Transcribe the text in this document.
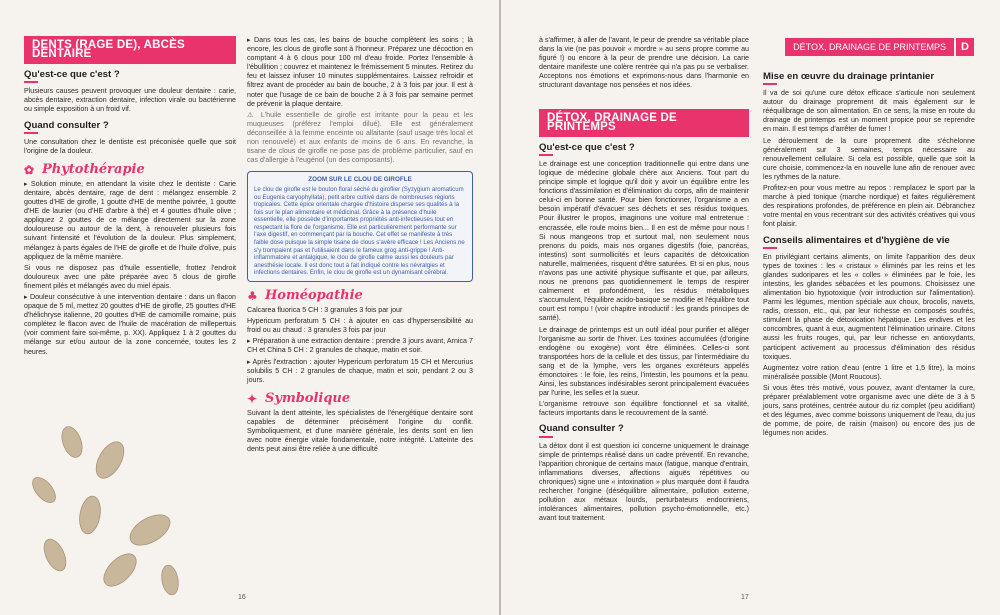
DENTS (RAGE DE), ABCÈS DENTAIRE
Qu'est-ce que c'est ?

Plusieurs causes peuvent provoquer une douleur dentaire : carie, abcès dentaire, extraction dentaire, infection virale ou bactérienne ou simple exposition à un froid vif.

Quand consulter ?

Une consultation chez le dentiste est préconisée quelle que soit l'origine de la douleur.

✿ Phytothérapie

▸ Solution minute, en attendant la visite chez le dentiste : Carie dentaire, abcès dentaire, rage de dent : mélangez ensemble 2 gouttes d'HE de girofle, 1 goutte d'HE de menthe poivrée, 1 goutte d'HE de laurier (ou d'HE d'arbre à thé) et 4 gouttes d'huile olive ; appliquez 2 gouttes de ce mélange directement sur la zone douloureuse ou autour de la dent, à renouveler plusieurs fois suivant l'intensité et l'évolution de la douleur. Plus simplement, mélangez à parts égales de l'HE de girofle et de l'huile d'olive, puis appliquez de la même manière.

Si vous ne disposez pas d'huile essentielle, frottez l'endroit douloureux avec une pâte préparée avec 5 clous de girofle finement pilés et mélangés avec du miel épais.

▸ Douleur consécutive à une intervention dentaire : dans un flacon opaque de 5 ml, mettez 20 gouttes d'HE de girofle, 25 gouttes d'HE d'hélichryse italienne, 20 gouttes d'HE de camomille romaine, puis complétez le flacon avec de l'huile de macération de millepertuis (voir comment faire soi-même, p. XX). Appliquez 1 à 2 gouttes du mélange sur et/ou autour de la zone concernée, toutes les 2 heures.

▸ Dans tous les cas, les bains de bouche complètent les soins ; là encore, les clous de girofle sont à l'honneur. Préparez une décoction en comptant 4 à 6 clous pour 100 ml d'eau froide. Portez l'ensemble à l'ébullition ; couvrez et maintenez le frémissement 5 minutes. Retirez du feu et laissez infuser 10 minutes supplémentaires. Laissez refroidir et filtrez avant de procéder au bain de bouche, 2 à 3 fois par jour. Il est à noter que l'usage de ce bain de bouche 2 à 3 fois par semaine permet de prévenir la plaque dentaire.

⚠ L'huile essentielle de girofle est irritante pour la peau et les muqueuses (préférez l'emploi dilué). Elle est généralement déconseillée à la femme enceinte ou allaitante (sauf usage très local et non renouvelé) et aux enfants de moins de 6 ans. En revanche, la tisane de clous de girofle ne pose pas de problème particulier, sauf en cas d'allergie à l'eugénol (un des composants).

ZOOM SUR LE CLOU DE GIROFLE
Le clou de girofle est le bouton floral séché du giroflier (Syzygium aromaticum ou Eugenia caryophyllata), petit arbre cultivé dans de nombreuses régions tropicales. Cette épice orientale chargée d'histoire disperse ses qualités à la fois sur le plan alimentaire et médicinal. Grâce à la présence d'huile essentielle, elle possède d'importantes propriétés anti-infectieuses tout en respectant la flore de l'organisme. Elle est particulièrement performante sur l'axe digestif, en commençant par la bouche. Cet effet se manifeste à très faible dose puisque la simple tisane de clous s'avère efficace ! Les Anciens ne s'y trompaient pas et l'utilisaient dans le fameux grog anti-grippe ! Anti-inflammatoire et antalgique, le clou de girofle calme aussi les douleurs par anesthésie locale. Il est donc tout à fait indiqué contre les névralgies et infections dentaires. Enfin, le clou de girofle est un dynamisant cérébral.
♣ Homéopathie

Calcarea fluorica 5 CH : 3 granules 3 fois par jour

Hypericum perforatum 5 CH : à ajouter en cas d'hypersensibilité au froid ou au chaud : 3 granules 3 fois par jour

▸ Préparation à une extraction dentaire : prendre 3 jours avant, Arnica 7 CH et China 5 CH : 2 granules de chaque, matin et soir.

▸ Après l'extraction : ajouter Hypericum perforatum 15 CH et Mercurius solubilis 5 CH : 2 granules de chaque, matin et soir, pendant 2 ou 3 jours.

✦ Symbolique

Suivant la dent atteinte, les spécialistes de l'énergétique dentaire sont capables de déterminer précisément l'origine du conflit. Symboliquement, et d'une manière générale, les dents sont en lien avec notre énergie vitale fondamentale, notre intégrité. L'atteinte des dents peut ainsi être reliée à une difficulté

16
DÉTOX, DRAINAGE DE PRINTEMPS	D

à s'affirmer, à aller de l'avant, le peur de prendre sa véritable place dans la vie (ne pas pouvoir « mordre » au sens propre comme au figuré !) ou encore à la peur de prendre une décision. La carie dentaire manifeste une colère rentrée qui n'a pas pu se verbaliser. Acceptons nos émotions et exprimons-nous dans l'harmonie en structurant davantage nos pensées et nos idées.

DÉTOX, DRAINAGE DE PRINTEMPS
Qu'est-ce que c'est ?

Le drainage est une conception traditionnelle qui entre dans une logique de médecine globale chère aux Anciens. Tout part du principe simple et logique qu'il doit y avoir un équilibre entre les fonctions d'assimilation et d'élimination du corps, afin de maintenir celui-ci en bonne santé. Pour bien fonctionner, l'organisme a en besoin impératif d'évacuer ses déchets et ses résidus toxiques. Pour illustrer le propos, imaginons une voiture mal entretenue : encrassée, elle roule moins bien... Il en est de même pour nous ! Si nous mangeons trop et surtout mal, non seulement nous prenons du poids, mais nos organes digestifs (foie, pancréas, intestins) sont surmollicités et leurs capacités de détoxication naturelle, malmenées, risquent d'être saturées. Et si en plus, nous n'avons pas une activité physique suffisante et que, par ailleurs, nous ne prenons pas quotidiennement le temps de respirer calmement et profondément, les résidus métaboliques s'accumulent, l'équilibre acido-basique se modifie et l'équilibre tout court est rompu ! (voir chapitre introductif : les grands principes de santé).

Le drainage de printemps est un outil idéal pour purifier et alléger l'organisme au sortir de l'hiver. Les toxines accumulées (d'origine endogène ou exogène) vont être éliminées. Celles-ci sont transportées hors de la cellule et des tissus, par l'intermédiaire du sang et de la lymphe, vers les organes excréteurs appelés émonctoires : le foie, les reins, l'intestin, les poumons et la peau. Ainsi, les substances indésirables seront principalement évacuées par l'urine, les selles et la sueur.

L'organisme retrouve son équilibre fonctionnel et sa vitalité, facteurs importants dans le recouvrement de la santé.

Quand consulter ?

La détox dont il est question ici concerne uniquement le drainage simple de printemps réalisé dans un cadre préventif. En revanche, l'apparition chronique de certains maux (fatigue, manque d'entrain, inflammations diverses, affections aiguës répétitives ou chroniques) signe une « intoxination » plus marquée dont il faudra rechercher l'origine (déséquilibre alimentaire, pollution externe, pollution aux métaux lourds, perturbateurs endocriniens, intolérances alimentaires, pollution psycho-émotionnelle, etc.) avant tout traitement.

Mise en œuvre du drainage printanier

Il va de soi qu'une cure détox efficace s'articule non seulement autour du drainage proprement dit mais également sur le rééquilibrage de son alimentation. En ce sens, la mise en route du drainage de printemps est un moment propice pour se reprendre en main. Il est temps d'arrêter de fumer !

Le déroulement de la cure proprement dite s'échelonne généralement sur 3 semaines, temps nécessaire au renouvellement cellulaire. Si cela est possible, quelle que soit la cure choisie, commencez-la en nouvelle lune afin de renouer avec les rythmes de la nature.

Profitez-en pour vous mettre au repos : remplacez le sport par la marche à pied tonique (marche nordique) et faites régulièrement des respirations profondes, de préférence en plein air. Débranchez votre mental en vous recentrant sur des activités créatives qui vous font plaisir.

Conseils alimentaires et d'hygiène de vie

En privilégiant certains aliments, on limite l'apparition des deux types de toxines : les « cristaux » éliminés par les reins et les glandes sudoripares et les « colles » éliminées par le foie, les intestins, les glandes sébacées et les poumons. Choisissez une alimentation bio hypotoxique (voir introduction sur l'alimentation). Parmi les légumes, mention spéciale aux choux, brocolis, navets, radis, cresson, etc., qui, par leur richesse en composés soufrés, stimulent la phase de détoxication hépatique. Les endives et les concombres, quant à eux, augmentent l'élimination urinaire. Citons aussi les fruits rouges, qui, par leur richesse en antioxydants, participent activement au processus d'élimination des résidus toxiques.

Augmentez votre ration d'eau (entre 1 litre et 1,5 litre), la moins minéralisée possible (Mont Roucous).

Si vous êtes très motivé, vous pouvez, avant d'entamer la cure, préparer préalablement votre organisme avec une diète de 3 à 5 jours, sans protéines, centrée autour du riz complet (peu acidifiant) et des légumes, avec comme boissons uniquement de l'eau, du jus de pomme, de poire, de raisin (maison) ou encore des jus de légumes non acides.

17
